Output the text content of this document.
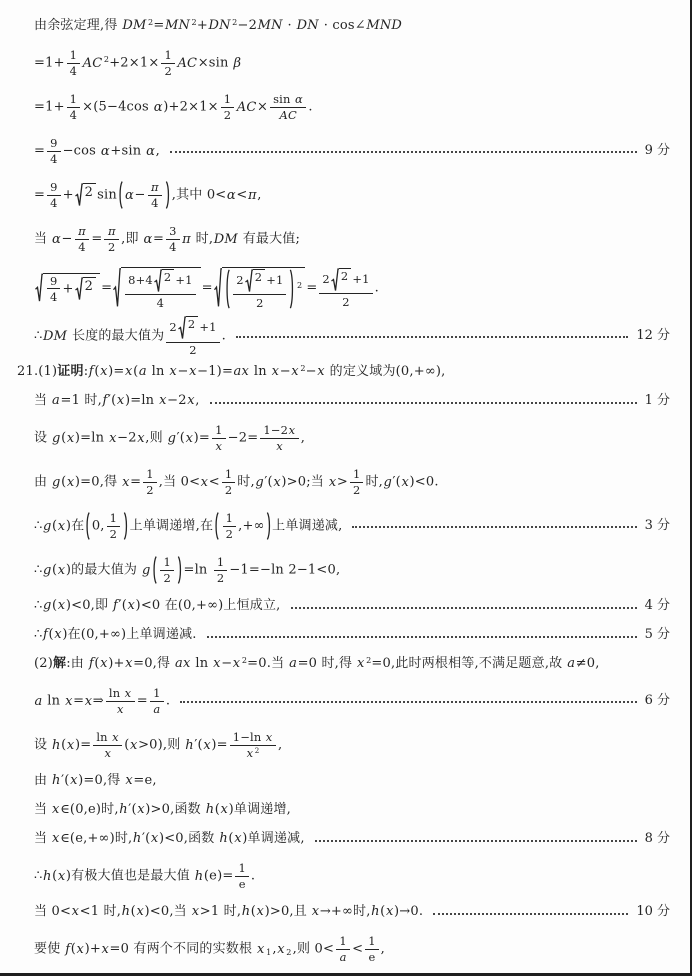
由余弦定理,得 DM $^2$=MN $^2$+DN $^2$−2MN · DN · cos∠MND
$=1+ \frac{1}{4}$ AC $^2+2\times 1\times \frac{1}{2} AC\times\sin$ β
$=1+ \frac{1}{4} \times(5-4\cos$ $\alpha)+2\times 1\times \frac{1}{2} AC\times \frac{\text{sin α}}{AC}$ .
= $\frac{9}{4} -\cos$ α+sin α,	9 分
= $\frac{9}{4} + 2$ $\sin \alpha- \frac{\pi}{4}$ ,其中 0<α<π,
当 $\alpha- \frac{\pi}{4} = \frac{\pi}{2}$ ,即 $\alpha= \frac{3}{4}$ π 时,DM 有最大值;
$\frac{9}{4} + 2 = \frac{8+4 2 +1}{4} = \frac{2 2 +1}{2} ^2 = \frac{2 2 +1}{2}$ .
∴DM 长度的最大值为 $\frac{2 2 +1}{2}$ .	12 分
21.(1)证明:f(x)=x(a ln x−x−1)=ax ln x−x $^2$−x 的定义域为(0,+∞),
当 a=1 时,f′(x)=ln x−2x,	1 分
设 g(x)=ln x−2x,则 $g'(x)= \frac{1}{x} -2= \frac{1-2x}{x}$ ,
由 g(x)=0,得 $x= \frac{1}{2}$ ,当 $0<x< \frac{1}{2}$ 时,g′(x)>0;当 $x> \frac{1}{2}$ 时,g′(x)<0.
∴g(x)在 0, $\frac{1}{2}$ 上单调递增,在 $\frac{1}{2}$ ,+∞ 上单调递减,	3 分
∴g(x)的最大值为 g $\frac{1}{2} =\ln \frac{1}{2} -1=-\ln$ 2−1<0,
∴g(x)<0,即 f′(x)<0 在(0,+∞)上恒成立,	4 分
∴f(x)在(0,+∞)上单调递减.	5 分
(2)解:由 f(x)+x=0,得 ax ln x−x $^2$=0.当 a=0 时,得 x $^2$=0,此时两根相等,不满足题意,故 a≠0,
a ln x=x⇒ $\frac{\text{ln x}}{x} = \frac{1}{a}$ .	6 分
设 $h(x)= \frac{\text{ln x}}{x} (x>0)$,则 $h'(x)= \frac{\text{1−ln x}}{x ^2}$ ,
由 h′(x)=0,得 x=e,
当 x∈(0,e)时,h′(x)>0,函数 h(x)单调递增,
当 x∈(e,+∞)时,h′(x)<0,函数 h(x)单调递减,	8 分
∴h(x)有极大值也是最大值 $h(e)= \frac{1}{e}$ .
当 0<x<1 时,h(x)<0,当 x>1 时,h(x)>0,且 x→+∞时,h(x)→0.	10 分
要使 f(x)+x=0 有两个不同的实数根 x $_1$,x $_2$,则 $0< \frac{1}{a} < \frac{1}{e}$ ,
